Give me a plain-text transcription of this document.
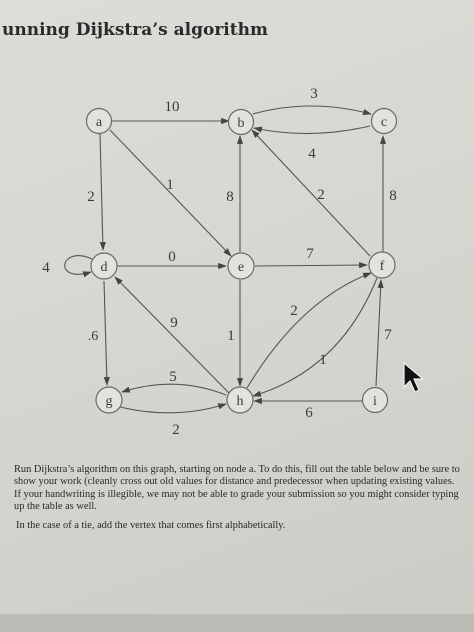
unning Dijkstra’s algorithm
10
3
4
2
1
8	2	8
4
0	7
9
1
2
1
7
.6
5
2
6
a	b	c
d	e	f
g	h	i

Run Dijkstra’s algorithm on this graph, starting on node a. To do this, fill out the table below and be sure to show your work (cleanly cross out old values for distance and predecessor when updating existing values. If your handwriting is illegible, we may not be able to grade your submission so you might consider typing up the table as well.

In the case of a tie, add the vertex that comes first alphabetically.
